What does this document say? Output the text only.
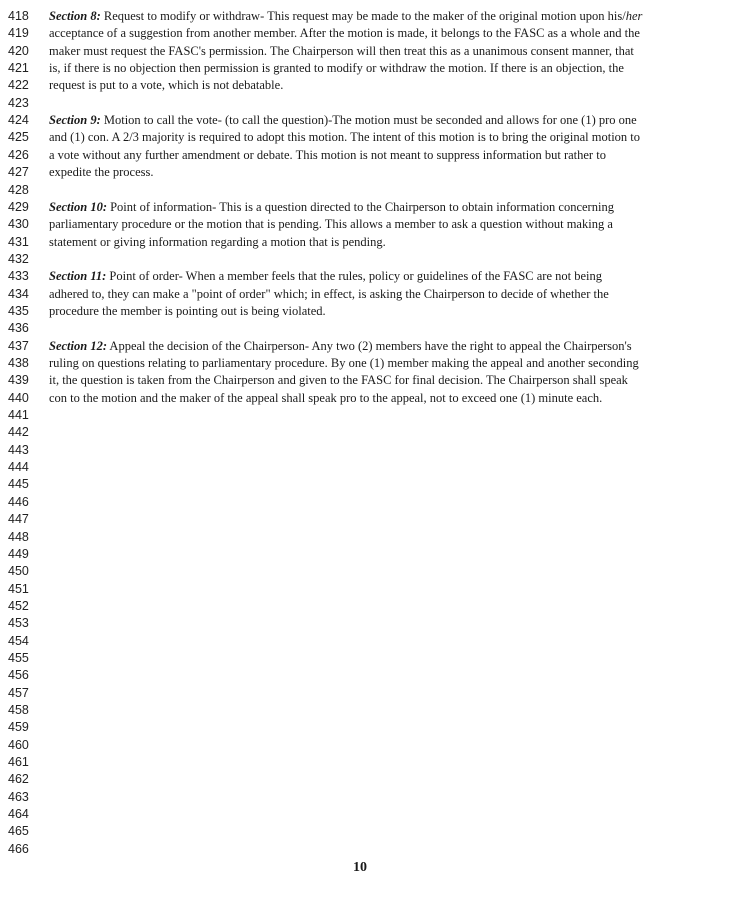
418
419
420
421
422
423
424
425
426
427
428
429
430
431
432
433
434
435
436
437
438
439
440
441
442
443
444
445
446
447
448
449
450
451
452
453
454
455
456
457
458
459
460
461
462
463
464
465
466
Section 8: Request to modify or withdraw- This request may be made to the maker of the original motion upon his/her
acceptance of a suggestion from another member. After the motion is made, it belongs to the FASC as a whole and the
maker must request the FASC's permission. The Chairperson will then treat this as a unanimous consent manner, that
is, if there is no objection then permission is granted to modify or withdraw the motion. If there is an objection, the
request is put to a vote, which is not debatable.
Section 9: Motion to call the vote- (to call the question)-The motion must be seconded and allows for one (1) pro one
and (1) con. A 2/3 majority is required to adopt this motion. The intent of this motion is to bring the original motion to
a vote without any further amendment or debate. This motion is not meant to suppress information but rather to
expedite the process.
Section 10: Point of information- This is a question directed to the Chairperson to obtain information concerning
parliamentary procedure or the motion that is pending. This allows a member to ask a question without making a
statement or giving information regarding a motion that is pending.
Section 11: Point of order- When a member feels that the rules, policy or guidelines of the FASC are not being
adhered to, they can make a "point of order" which; in effect, is asking the Chairperson to decide of whether the
procedure the member is pointing out is being violated.
Section 12: Appeal the decision of the Chairperson- Any two (2) members have the right to appeal the Chairperson's
ruling on questions relating to parliamentary procedure. By one (1) member making the appeal and another seconding
it, the question is taken from the Chairperson and given to the FASC for final decision. The Chairperson shall speak
con to the motion and the maker of the appeal shall speak pro to the appeal, not to exceed one (1) minute each.
10
